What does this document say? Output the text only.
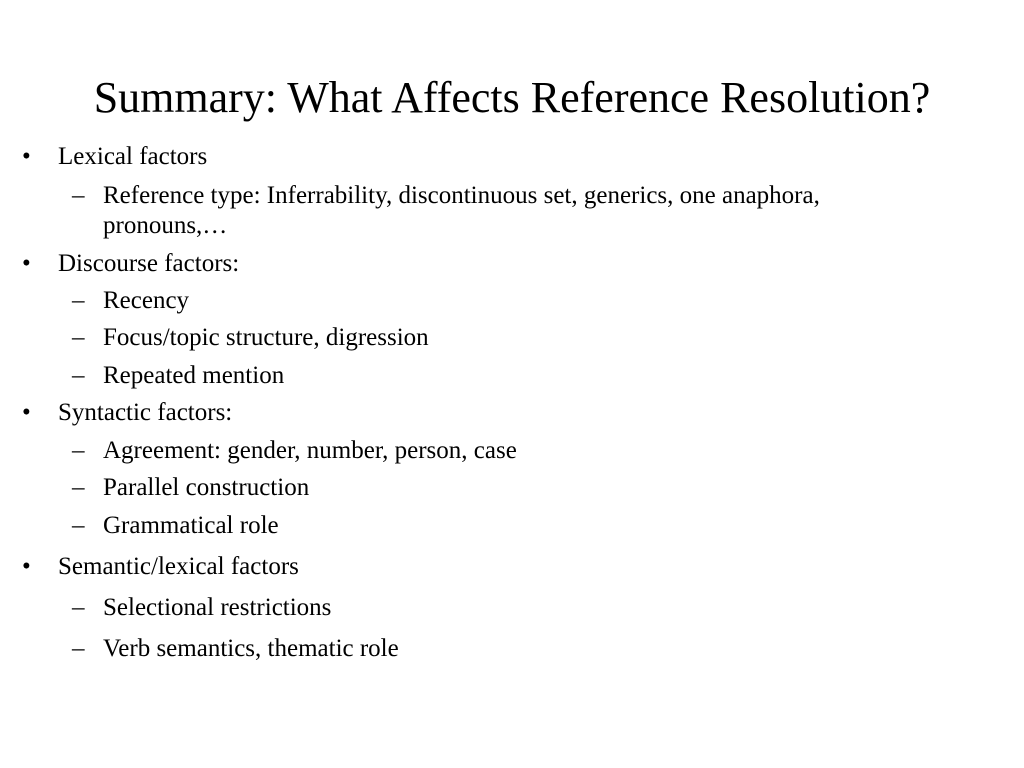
Summary: What Affects Reference Resolution?
• Lexical factors
– Reference type: Inferrability, discontinuous set, generics, one anaphora,
pronouns,…
• Discourse factors:
– Recency
– Focus/topic structure, digression
– Repeated mention
• Syntactic factors:
– Agreement: gender, number, person, case
– Parallel construction
– Grammatical role
• Semantic/lexical factors
– Selectional restrictions
– Verb semantics, thematic role
